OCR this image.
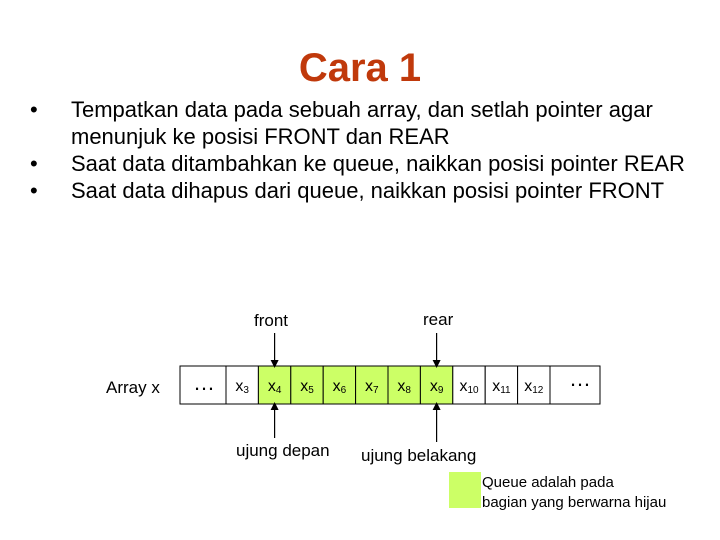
Cara 1
•	Tempatkan data pada sebuah array, dan setlah pointer agar menunjuk ke posisi FRONT dan REAR
•	Saat data ditambahkan ke queue, naikkan posisi pointer REAR
•	Saat data dihapus dari queue, naikkan posisi pointer FRONT
Array x
front	rear
ujung depan ujung belakang
… x3 x4 x5 x6 x7 x8 x9 x10 x11 x12 …
Queue adalah pada
bagian yang berwarna hijau
